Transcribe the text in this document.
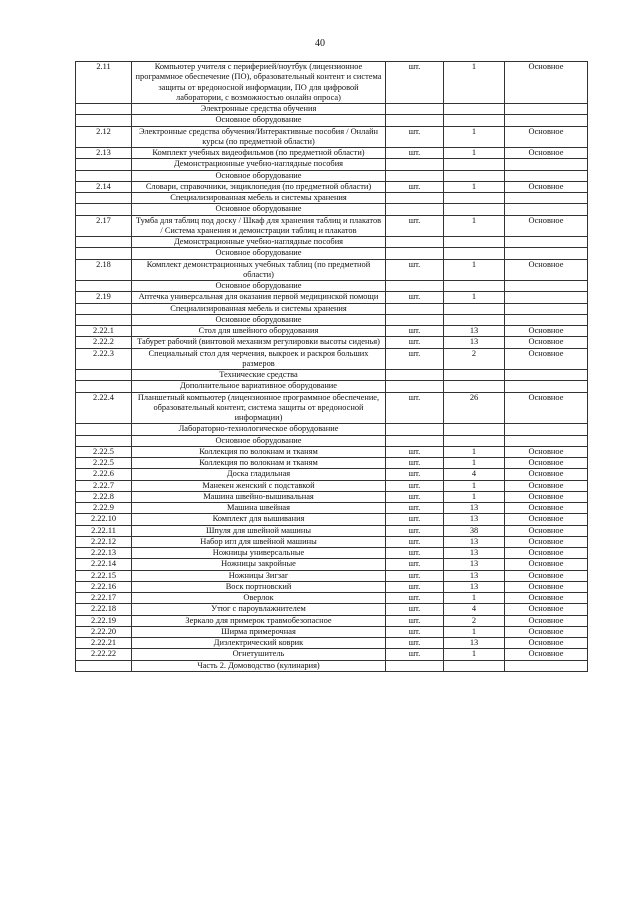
40
2.11	Компьютер учителя с периферией/ноутбук (лицензионное программное обеспечение (ПО), образовательный контент и система защиты от вредоносной информации, ПО для цифровой лаборатории, с возможностью онлайн опроса)	шт.	1	Основное
	Электронные средства обучения			
	Основное оборудование			
2.12	Электронные средства обучения/Интерактивные пособия / Онлайн курсы (по предметной области)	шт.	1	Основное
2.13	Комплект учебных видеофильмов (по предметной области)	шт.	1	Основное
	Демонстрационные учебно-наглядные пособия			
	Основное оборудование			
2.14	Словари, справочники, энциклопедия (по предметной области)	шт.	1	Основное
	Специализированная мебель и системы хранения			
	Основное оборудование			
2.17	Тумба для таблиц под доску / Шкаф для хранения таблиц и плакатов / Система хранения и демонстрации таблиц и плакатов	шт.	1	Основное
	Демонстрационные учебно-наглядные пособия			
	Основное оборудование			
2.18	Комплект демонстрационных учебных таблиц (по предметной области)	шт.	1	Основное
	Основное оборудование			
2.19	Аптечка универсальная для оказания первой медицинской помощи	шт.	1	
	Специализированная мебель и системы хранения			
	Основное оборудование			
2.22.1	Стол для швейного оборудования	шт.	13	Основное
2.22.2	Табурет рабочий (винтовой механизм регулировки высоты сиденья)	шт.	13	Основное
2.22.3	Специальный стол для черчения, выкроек и раскроя больших размеров	шт.	2	Основное
	Технические средства			
	Дополнительное вариативное оборудование			
2.22.4	Планшетный компьютер (лицензионное программное обеспечение, образовательный контент, система защиты от вредоносной информации)	шт.	26	Основное
	Лабораторно-технологическое оборудование			
	Основное оборудование			
2.22.5	Коллекция по волокнам и тканям	шт.	1	Основное
2.22.5	Коллекция по волокнам и тканям	шт.	1	Основное
2.22.6	Доска гладильная	шт.	4	Основное
2.22.7	Манекен женский с подставкой	шт.	1	Основное
2.22.8	Машина швейно-вышивальная	шт.	1	Основное
2.22.9	Машина швейная	шт.	13	Основное
2.22.10	Комплект для вышивания	шт.	13	Основное
2.22.11	Шпуля для швейной машины	шт.	38	Основное
2.22.12	Набор игл для швейной машины	шт.	13	Основное
2.22.13	Ножницы универсальные	шт.	13	Основное
2.22.14	Ножницы закройные	шт.	13	Основное
2.22.15	Ножницы Зигзаг	шт.	13	Основное
2.22.16	Воск портновский	шт.	13	Основное
2.22.17	Оверлок	шт.	1	Основное
2.22.18	Утюг с пароувлажнителем	шт.	4	Основное
2.22.19	Зеркало для примерок травмобезопасное	шт.	2	Основное
2.22.20	Ширма примерочная	шт.	1	Основное
2.22.21	Диэлектрический коврик	шт.	13	Основное
2.22.22	Огнетушитель	шт.	1	Основное
	Часть 2. Домоводство (кулинария)			
